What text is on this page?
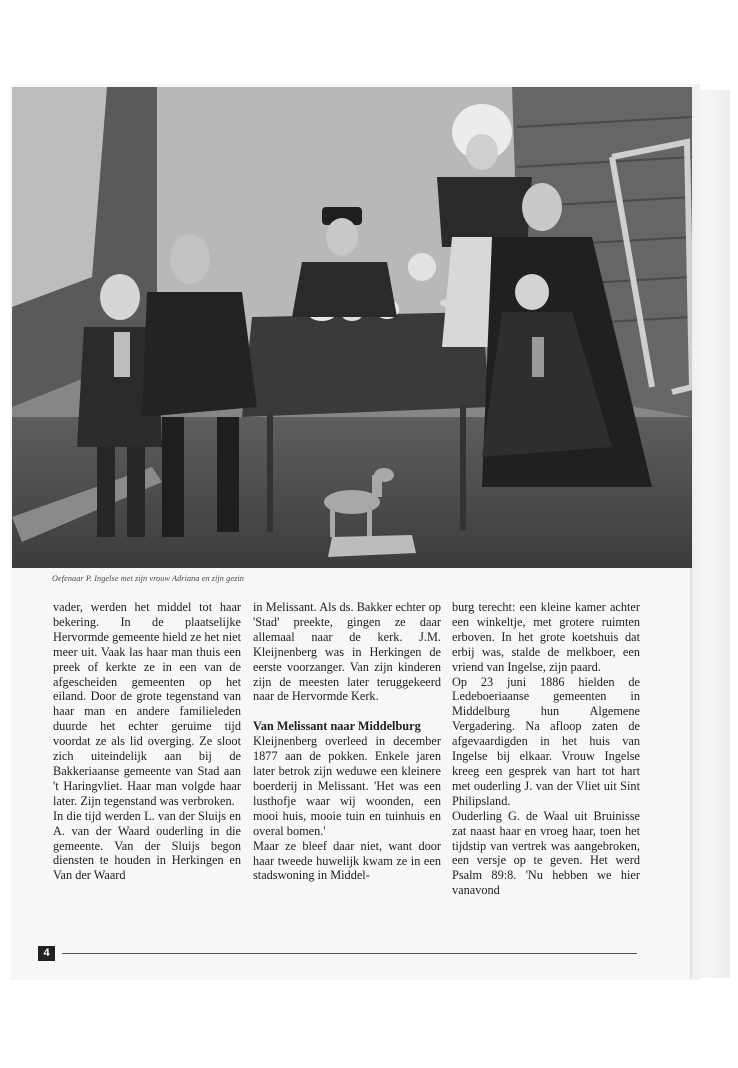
Oefenaar P. Ingelse met zijn vrouw Adriana en zijn gezin

vader, werden het middel tot haar bekering. In de plaatselijke Hervormde gemeente hield ze het niet meer uit. Vaak las haar man thuis een preek of kerkte ze in een van de afgescheiden gemeenten op het eiland. Door de grote tegenstand van haar man en andere familieleden duurde het echter geruime tijd voordat ze als lid overging. Ze sloot zich uiteindelijk aan bij de Bakkeriaanse gemeente van Stad aan 't Haringvliet. Haar man volgde haar later. Zijn tegenstand was verbroken.

In die tijd werden L. van der Sluijs en A. van der Waard ouderling in die gemeente. Van der Sluijs begon diensten te houden in Herkingen en Van der Waard

in Melissant. Als ds. Bakker echter op 'Stad' preekte, gingen ze daar allemaal naar de kerk. J.M. Kleijnenberg was in Herkingen de eerste voorzanger. Van zijn kinderen zijn de meesten later teruggekeerd naar de Hervormde Kerk.

Van Melissant naar Middelburg

Kleijnenberg overleed in december 1877 aan de pokken. Enkele jaren later betrok zijn weduwe een kleinere boerderij in Melissant. 'Het was een lusthofje waar wij woonden, een mooi huis, mooie tuin en tuinhuis en overal bomen.'

Maar ze bleef daar niet, want door haar tweede huwelijk kwam ze in een stadswoning in Middel-

burg terecht: een kleine kamer achter een winkeltje, met grotere ruimten erboven. In het grote koetshuis dat erbij was, stalde de melkboer, een vriend van Ingelse, zijn paard.

Op 23 juni 1886 hielden de Ledeboeriaanse gemeenten in Middelburg hun Algemene Vergadering. Na afloop zaten de afgevaardigden in het huis van Ingelse bij elkaar. Vrouw Ingelse kreeg een gesprek van hart tot hart met ouderling J. van der Vliet uit Sint Philipsland.

Ouderling G. de Waal uit Bruinisse zat naast haar en vroeg haar, toen het tijdstip van vertrek was aangebroken, een versje op te geven. Het werd Psalm 89:8. 'Nu hebben we hier vanavond

4
